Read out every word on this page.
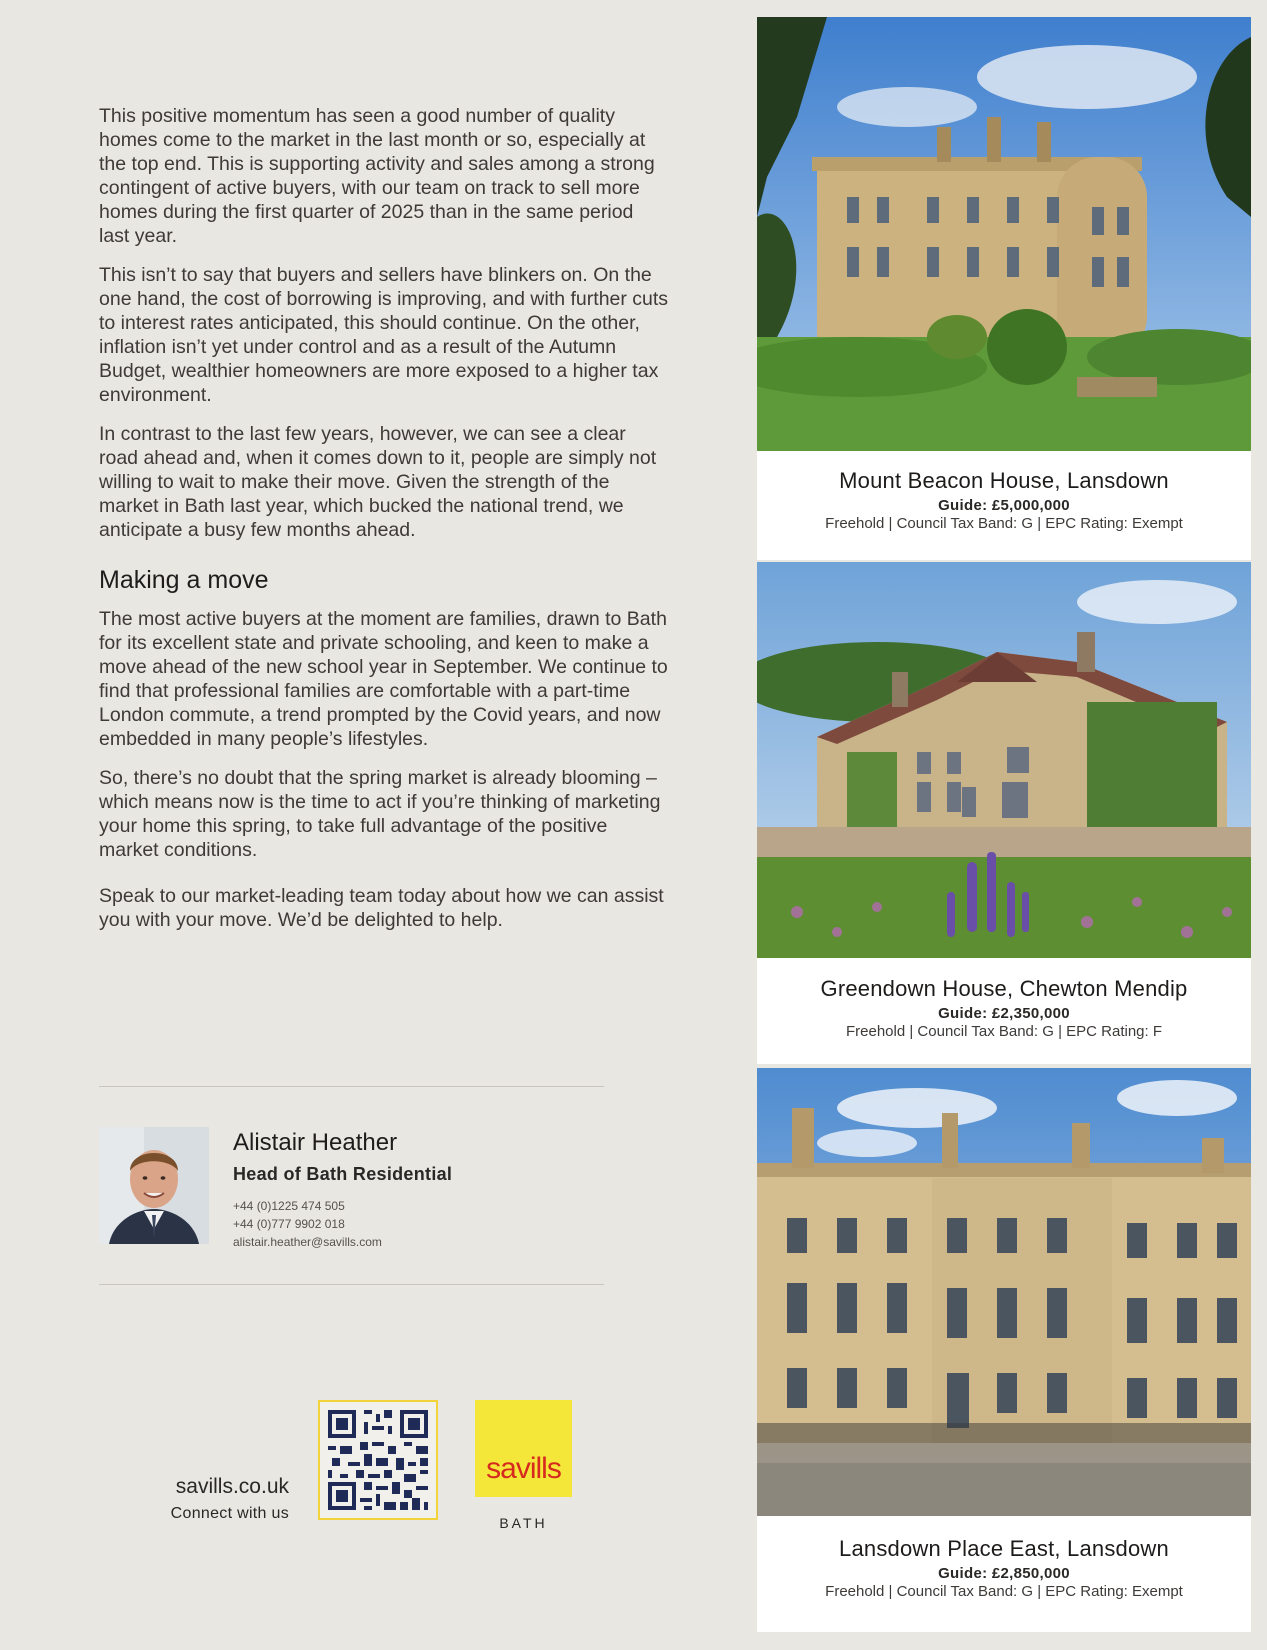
This positive momentum has seen a good number of quality homes come to the market in the last month or so, especially at the top end. This is supporting activity and sales among a strong contingent of active buyers, with our team on track to sell more homes during the first quarter of 2025 than in the same period last year.

This isn’t to say that buyers and sellers have blinkers on. On the one hand, the cost of borrowing is improving, and with further cuts to interest rates anticipated, this should continue. On the other, inflation isn’t yet under control and as a result of the Autumn Budget, wealthier homeowners are more exposed to a higher tax environment.

In contrast to the last few years, however, we can see a clear road ahead and, when it comes down to it, people are simply not willing to wait to make their move. Given the strength of the market in Bath last year, which bucked the national trend, we anticipate a busy few months ahead.

Making a move

The most active buyers at the moment are families, drawn to Bath for its excellent state and private schooling, and keen to make a move ahead of the new school year in September. We continue to find that professional families are comfortable with a part-time London commute, a trend prompted by the Covid years, and now embedded in many people’s lifestyles.

So, there’s no doubt that the spring market is already blooming – which means now is the time to act if you’re thinking of marketing your home this spring, to take full advantage of the positive market conditions.

Speak to our market-leading team today about how we can assist you with your move. We’d be delighted to help.

Alistair Heather
Head of Bath Residential
+44 (0)1225 474 505
+44 (0)777 9902 018
alistair.heather@savills.com
savills.co.uk
Connect with us
savills
BATH
Mount Beacon House, Lansdown
Guide: £5,000,000
Freehold | Council Tax Band: G | EPC Rating: Exempt
Greendown House, Chewton Mendip
Guide: £2,350,000
Freehold | Council Tax Band: G | EPC Rating: F
Lansdown Place East, Lansdown
Guide: £2,850,000
Freehold | Council Tax Band: G | EPC Rating: Exempt
